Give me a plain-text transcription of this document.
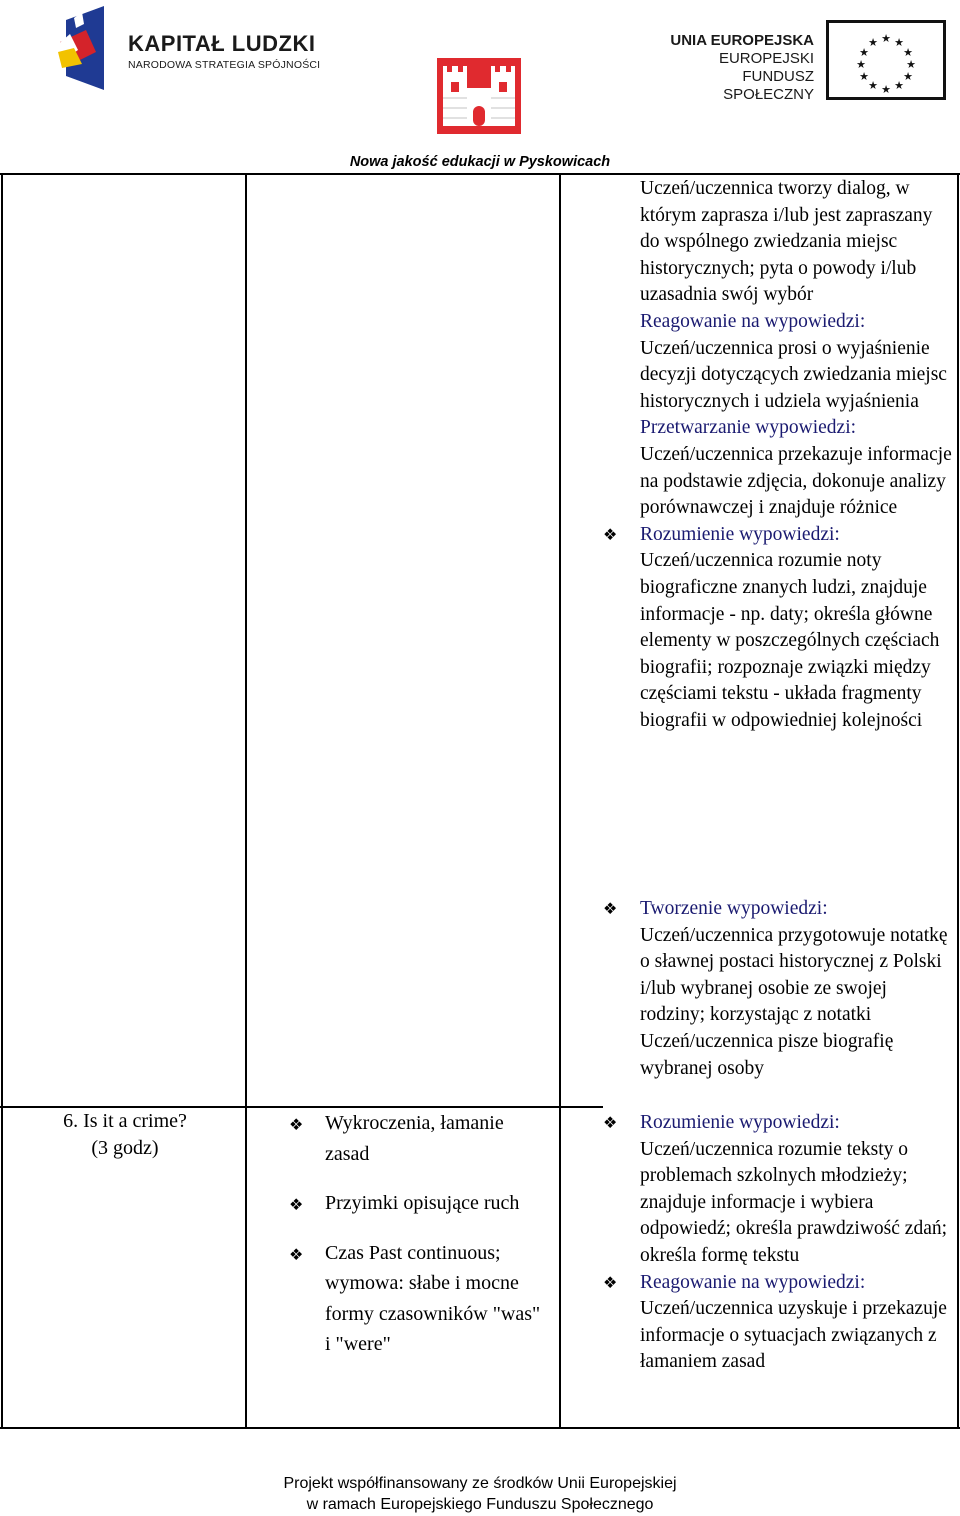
KAPITAŁ LUDZKI
NARODOWA STRATEGIA SPÓJNOŚCI
UNIA EUROPEJSKA
EUROPEJSKI
FUNDUSZ SPOŁECZNY
★ ★
★
★
★
★
★
★
★
★
★
★
Nowa jakość edukacji w Pyskowicach

Uczeń/uczennica tworzy dialog, w którym zaprasza i/lub jest zapraszany do wspólnego zwiedzania miejsc historycznych; pyta o powody i/lub uzasadnia swój wybór

Reagowanie na wypowiedzi:

Uczeń/uczennica prosi o wyjaśnienie decyzji dotyczących zwiedzania miejsc historycznych i udziela wyjaśnienia

Przetwarzanie wypowiedzi:

Uczeń/uczennica przekazuje informacje na podstawie zdjęcia, dokonuje analizy porównawczej i znajduje różnice

❖ Rozumienie wypowiedzi:

Uczeń/uczennica rozumie noty biograficzne znanych ludzi, znajduje informacje - np. daty; określa główne elementy w poszczególnych częściach biografii; rozpoznaje związki między częściami tekstu - układa fragmenty biografii w odpowiedniej kolejności

❖ Tworzenie wypowiedzi:

Uczeń/uczennica przygotowuje notatkę o sławnej postaci historycznej z Polski i/lub wybranej osobie ze swojej rodziny; korzystając z notatki Uczeń/uczennica pisze biografię wybranej osoby

6. Is it a crime?
(3 godz)
❖ Wykroczenia, łamanie zasad
❖ Przyimki opisujące ruch
❖ Czas Past continuous; wymowa: słabe i mocne formy czasowników "was" i "were"
❖ Rozumienie wypowiedzi:

Uczeń/uczennica rozumie teksty o problemach szkolnych młodzieży; znajduje informacje i wybiera odpowiedź; określa prawdziwość zdań; określa formę tekstu

❖ Reagowanie na wypowiedzi:

Uczeń/uczennica uzyskuje i przekazuje informacje o sytuacjach związanych z łamaniem zasad

Projekt współfinansowany ze środków Unii Europejskiej
w ramach Europejskiego Funduszu Społecznego
